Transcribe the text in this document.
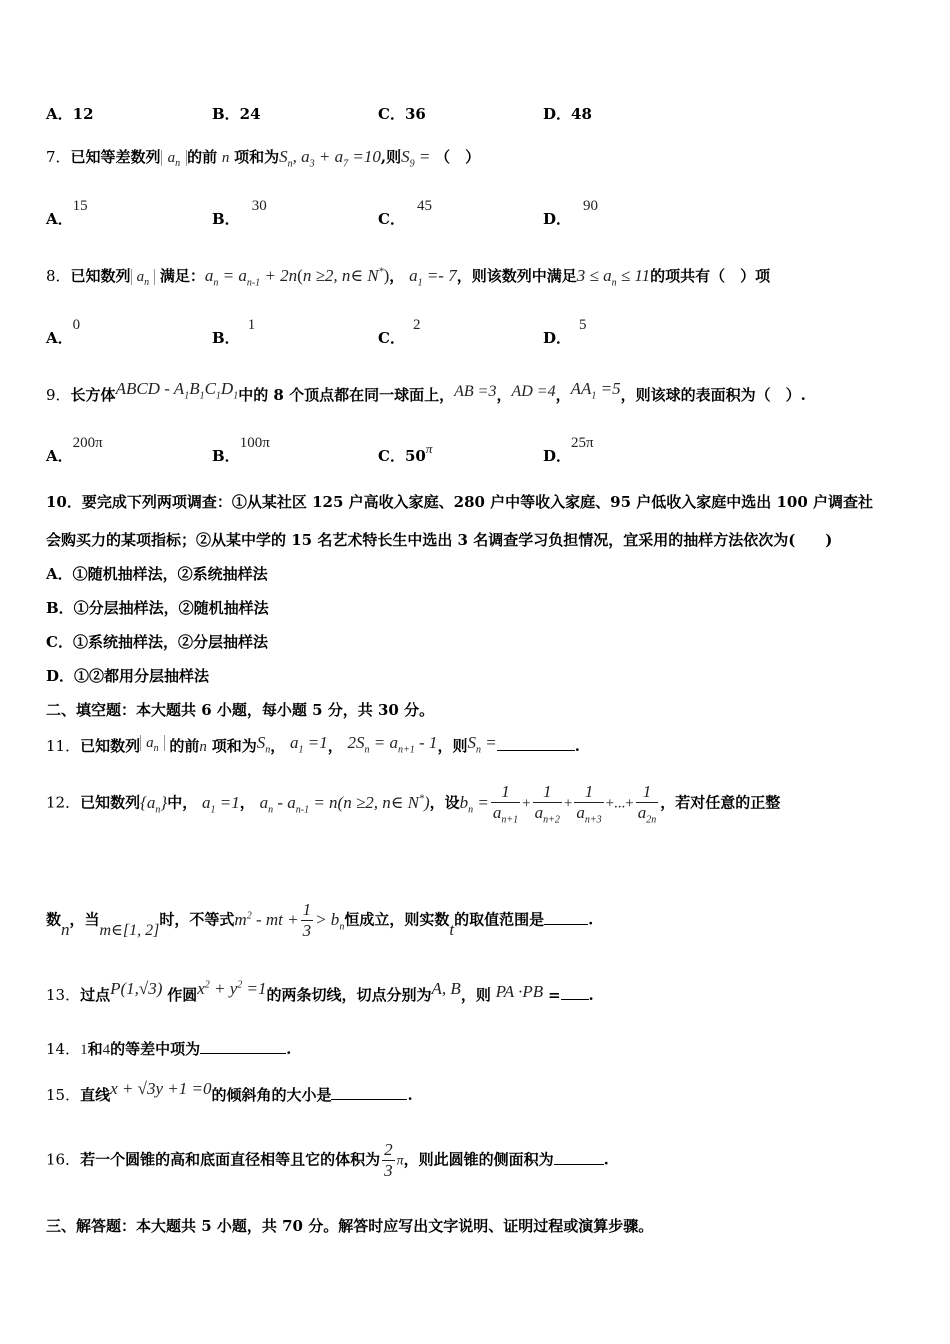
A．12	B．24	C．36	D．48
7．已知等差数列 $a_n$ 的前 n 项和为$S_n$, $a_3 + a_7 =10$,则$S_9$ = （　）
A．15
B．30
C．45
D．90
8．已知数列 $a_n$ 满足：$a_n = a_{n-1} + 2n(n \ge 2$, n∈ N*)， $a_1 =- 7$，则该数列中满足$3 \le a_n \le 11$的项共有（　）项
A．0
B．1
C．2
D．5
9．长方体ABCD - $A_1B_1C_1D_1$中的 8 个顶点都在同一球面上，AB =3，AD =4，$AA_1 =5$，则该球的表面积为（　）.
A．200π
B．100π
C．50π	D．25π
10．要完成下列两项调查：①从某社区 125 户高收入家庭、280 户中等收入家庭、95 户低收入家庭中选出 100 户调查社
会购买力的某项指标；②从某中学的 15 名艺术特长生中选出 3 名调查学习负担情况，宜采用的抽样方法依次为(　　)
A．①随机抽样法，②系统抽样法
B．①分层抽样法，②随机抽样法
C．①系统抽样法，②分层抽样法
D．①②都用分层抽样法
二、填空题：本大题共 6 小题，每小题 5 分，共 30 分。
11．已知数列 $a_n$ 的前n 项和为$S_n$， $a_1 =1$， $2S_n = a_{n+1} - 1$，则$S_n$ =	.
12．已知数列$\{a_n\}$中， $a_1 =1$， $a_n - a_{n-1} = n(n \ge 2$, n∈ N*)，设$b_n = \frac{1}{a_{n+1}} + \frac{1}{a_{n+2}} + \frac{1}{a_{n+3}}$ +...+ $\frac{1}{a_{2n}}$ ，若对任意的正整
数n，当m∈[1, 2]时，不等式$m^2$ - mt + $\frac{1}{3} > b_n$恒成立，则实数t的取值范围是	.
13．过点P(1,√3) 作圆$x^2 + y^2 =1$的两条切线，切点分别为A, B，则 PA ·PB = .
14．1和4的等差中项为	.
15．直线x + √3y +1 =0的倾斜角的大小是	.
16．若一个圆锥的高和底面直径相等且它的体积为 $\frac{2}{3}$ π，则此圆锥的侧面积为	.
三、解答题：本大题共 5 小题，共 70 分。解答时应写出文字说明、证明过程或演算步骤。
